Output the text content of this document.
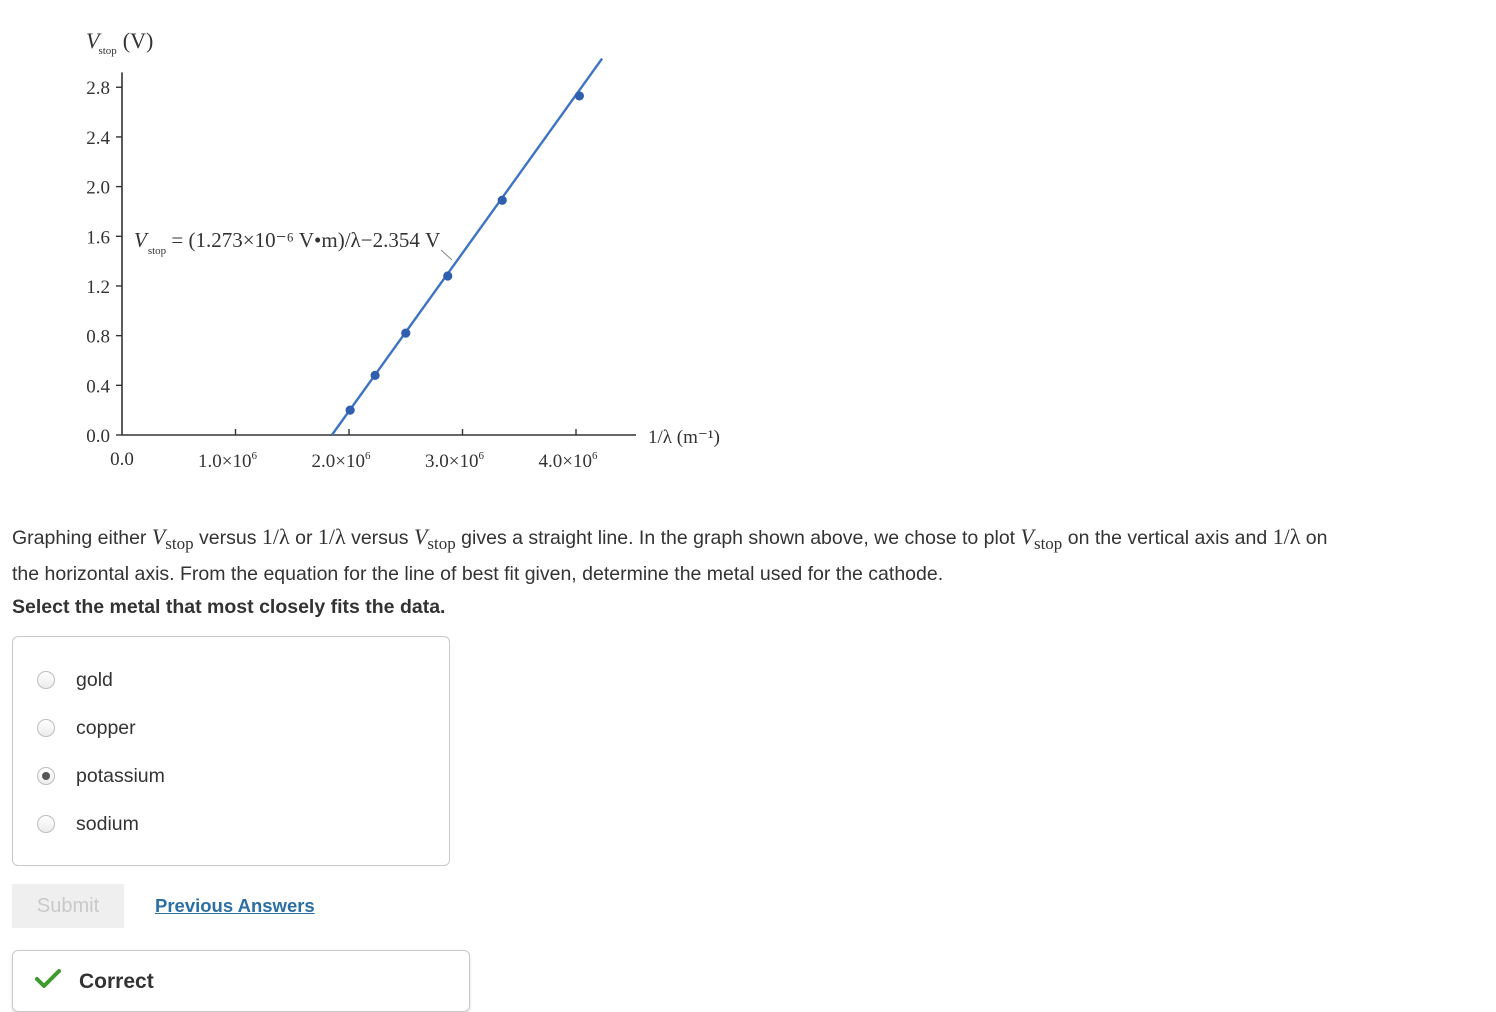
0.0
0.4
0.8
1.2
1.6
2.0
2.4
2.8
0.0	$1.0\times 10^6$	$2.0\times 10^6$	$3.0\times 10^6$	$4.0\times 10^6$
Vstop (V)
1/λ (m⁻¹)
$V_{stop} = (1.273\times 10^{-6}$ V•m)/λ−2.354 V
Graphing either Vstop versus 1/λ or 1/λ versus Vstop gives a straight line. In the graph shown above, we chose to plot Vstop on the vertical axis and 1/λ on
the horizontal axis. From the equation for the line of best fit given, determine the metal used for the cathode.
Select the metal that most closely fits the data.
gold
copper
potassium
sodium
Submit	Previous Answers
Correct
